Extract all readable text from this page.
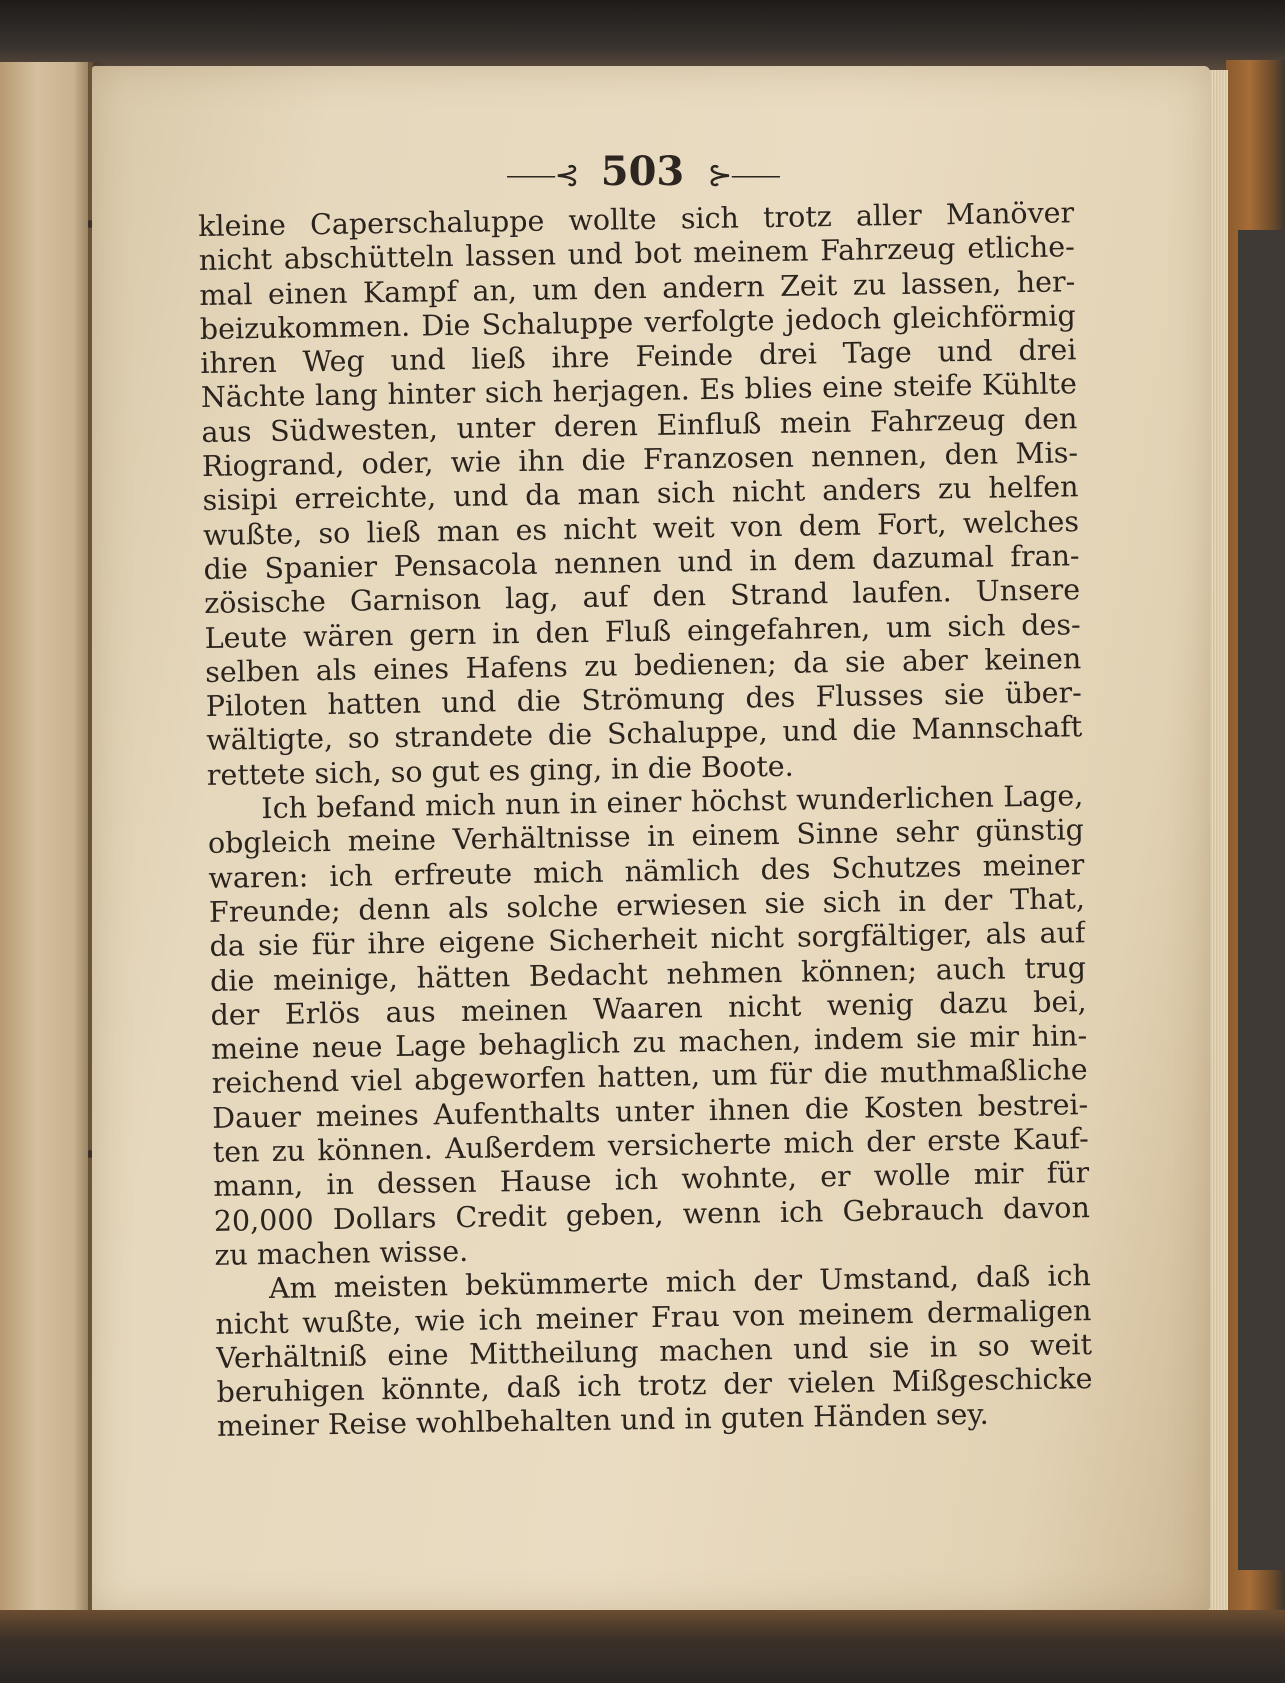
⸺⊰ 503 ⊱⸺
kleine Caperschaluppe wollte sich trotz aller Manöver
nicht abschütteln lassen und bot meinem Fahrzeug etliche-
mal einen Kampf an, um den andern Zeit zu lassen, her-
beizukommen. Die Schaluppe verfolgte jedoch gleichförmig
ihren Weg und ließ ihre Feinde drei Tage und drei
Nächte lang hinter sich herjagen. Es blies eine steife Kühlte
aus Südwesten, unter deren Einfluß mein Fahrzeug den
Riogrand, oder, wie ihn die Franzosen nennen, den Mis-
sisipi erreichte, und da man sich nicht anders zu helfen
wußte, so ließ man es nicht weit von dem Fort, welches
die Spanier Pensacola nennen und in dem dazumal fran-
zösische Garnison lag, auf den Strand laufen. Unsere
Leute wären gern in den Fluß eingefahren, um sich des-
selben als eines Hafens zu bedienen; da sie aber keinen
Piloten hatten und die Strömung des Flusses sie über-
wältigte, so strandete die Schaluppe, und die Mannschaft
rettete sich, so gut es ging, in die Boote.
Ich befand mich nun in einer höchst wunderlichen Lage,
obgleich meine Verhältnisse in einem Sinne sehr günstig
waren: ich erfreute mich nämlich des Schutzes meiner
Freunde; denn als solche erwiesen sie sich in der That,
da sie für ihre eigene Sicherheit nicht sorgfältiger, als auf
die meinige, hätten Bedacht nehmen können; auch trug
der Erlös aus meinen Waaren nicht wenig dazu bei,
meine neue Lage behaglich zu machen, indem sie mir hin-
reichend viel abgeworfen hatten, um für die muthmaßliche
Dauer meines Aufenthalts unter ihnen die Kosten bestrei-
ten zu können. Außerdem versicherte mich der erste Kauf-
mann, in dessen Hause ich wohnte, er wolle mir für
20,000 Dollars Credit geben, wenn ich Gebrauch davon
zu machen wisse.
Am meisten bekümmerte mich der Umstand, daß ich
nicht wußte, wie ich meiner Frau von meinem dermaligen
Verhältniß eine Mittheilung machen und sie in so weit
beruhigen könnte, daß ich trotz der vielen Mißgeschicke
meiner Reise wohlbehalten und in guten Händen sey.
